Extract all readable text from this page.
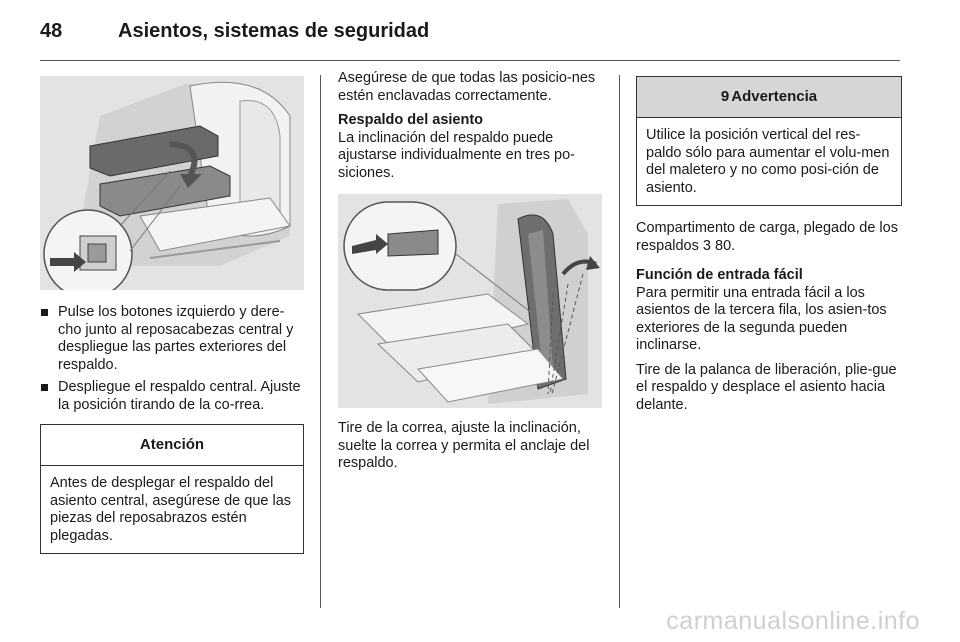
48	Asientos, sistemas de seguridad
Pulse los botones izquierdo y dere-cho junto al reposacabezas central y despliegue las partes exteriores del respaldo.
Despliegue el respaldo central. Ajuste la posición tirando de la co-rrea.
Atención
Antes de desplegar el respaldo del asiento central, asegúrese de que las piezas del reposabrazos estén plegadas.

Asegúrese de que todas las posicio-nes estén enclavadas correctamente.

Respaldo del asiento

La inclinación del respaldo puede ajustarse individualmente en tres po-siciones.

Tire de la correa, ajuste la inclinación, suelte la correa y permita el anclaje del respaldo.

9 Advertencia
Utilice la posición vertical del res-paldo sólo para aumentar el volu-men del maletero y no como posi-ción de asiento.

Compartimento de carga, plegado de los respaldos 3 80.

Función de entrada fácil

Para permitir una entrada fácil a los asientos de la tercera fila, los asien-tos exteriores de la segunda pueden inclinarse.

Tire de la palanca de liberación, plie-gue el respaldo y desplace el asiento hacia delante.

carmanualsonline.info
